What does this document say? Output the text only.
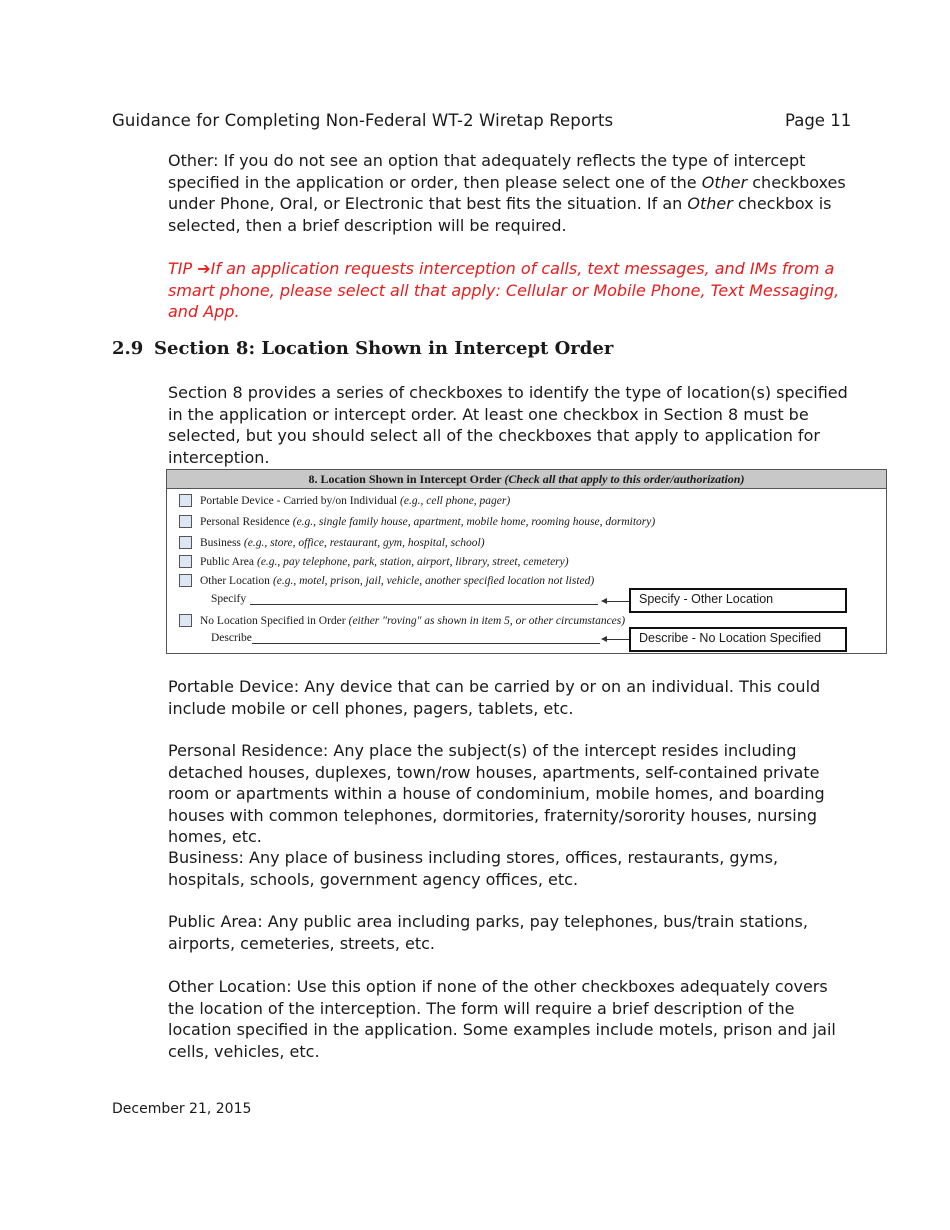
Guidance for Completing Non-Federal WT-2 Wiretap Reports	Page 11
Other: If you do not see an option that adequately reflects the type of intercept specified in the application or order, then please select one of the Other checkboxes under Phone, Oral, or Electronic that best fits the situation. If an Other checkbox is selected, then a brief description will be required.
TIP ➔If an application requests interception of calls, text messages, and IMs from a smart phone, please select all that apply: Cellular or Mobile Phone, Text Messaging, and App.
2.9 Section 8: Location Shown in Intercept Order
Section 8 provides a series of checkboxes to identify the type of location(s) specified in the application or intercept order. At least one checkbox in Section 8 must be selected, but you should select all of the checkboxes that apply to application for interception.
8. Location Shown in Intercept Order (Check all that apply to this order/authorization)
Portable Device - Carried by/on Individual (e.g., cell phone, pager)
Personal Residence (e.g., single family house, apartment, mobile home, rooming house, dormitory)
Business (e.g., store, office, restaurant, gym, hospital, school)
Public Area (e.g., pay telephone, park, station, airport, library, street, cemetery)
Other Location (e.g., motel, prison, jail, vehicle, another specified location not listed)
Specify
No Location Specified in Order (either "roving" as shown in item 5, or other circumstances)
Describe
Specify - Other Location
Describe - No Location Specified
Portable Device: Any device that can be carried by or on an individual. This could include mobile or cell phones, pagers, tablets, etc.
Personal Residence: Any place the subject(s) of the intercept resides including detached houses, duplexes, town/row houses, apartments, self-contained private room or apartments within a house of condominium, mobile homes, and boarding houses with common telephones, dormitories, fraternity/sorority houses, nursing homes, etc.
Business: Any place of business including stores, offices, restaurants, gyms, hospitals, schools, government agency offices, etc.
Public Area: Any public area including parks, pay telephones, bus/train stations, airports, cemeteries, streets, etc.
Other Location: Use this option if none of the other checkboxes adequately covers the location of the interception. The form will require a brief description of the location specified in the application. Some examples include motels, prison and jail cells, vehicles, etc.
December 21, 2015
